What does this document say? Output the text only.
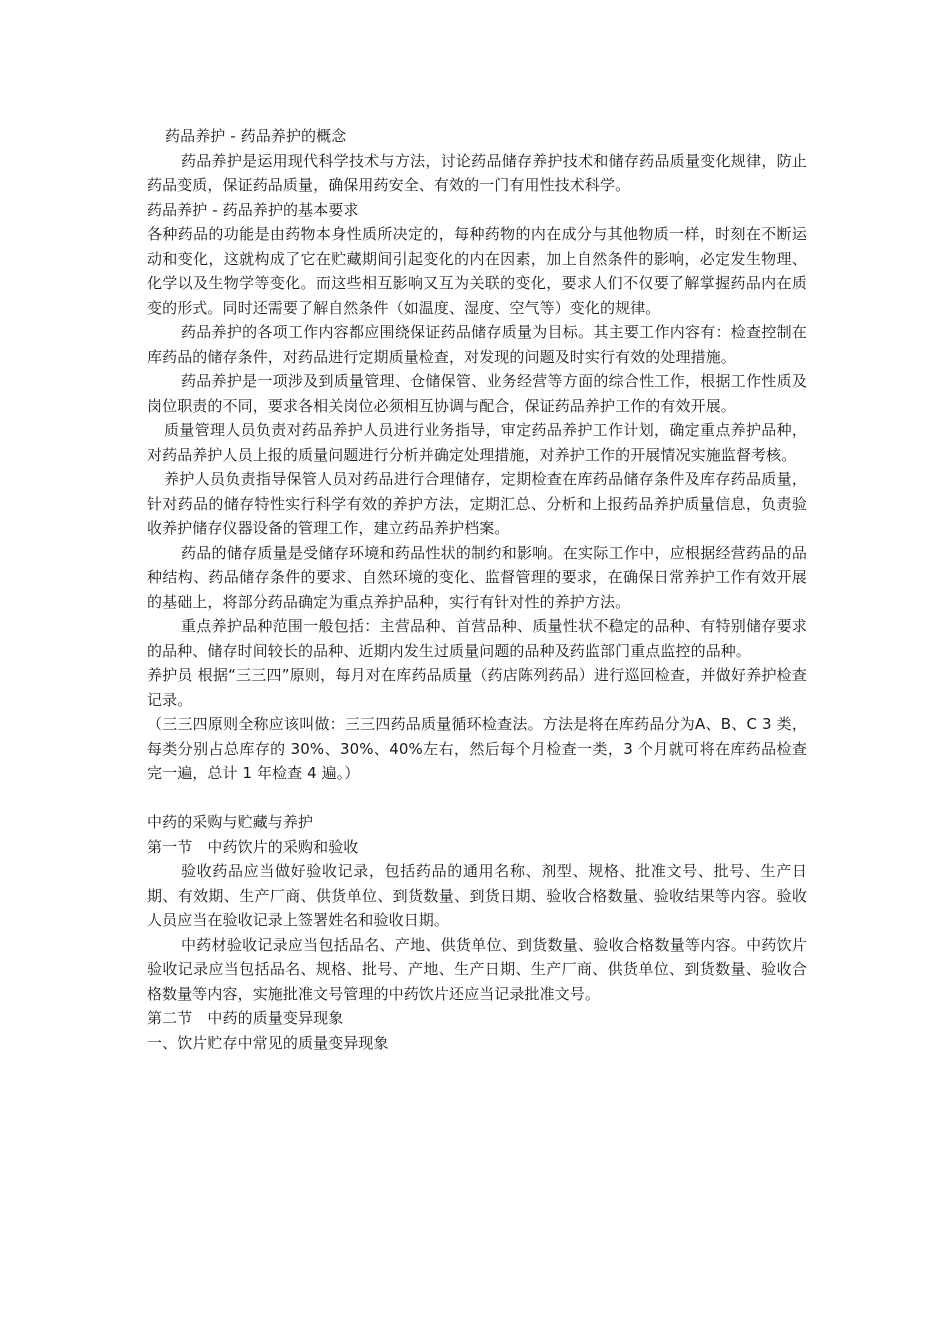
药品养护 - 药品养护的概念

药品养护是运用现代科学技术与方法，讨论药品储存养护技术和储存药品质量变化规律，防止药品变质，保证药品质量，确保用药安全、有效的一门有用性技术科学。

药品养护 - 药品养护的基本要求

各种药品的功能是由药物本身性质所决定的，每种药物的内在成分与其他物质一样，时刻在不断运动和变化，这就构成了它在贮藏期间引起变化的内在因素，加上自然条件的影响，必定发生物理、化学以及生物学等变化。而这些相互影响又互为关联的变化，要求人们不仅要了解掌握药品内在质变的形式。同时还需要了解自然条件（如温度、湿度、空气等）变化的规律。

药品养护的各项工作内容都应围绕保证药品储存质量为目标。其主要工作内容有：检查控制在库药品的储存条件，对药品进行定期质量检查，对发现的问题及时实行有效的处理措施。

药品养护是一项涉及到质量管理、仓储保管、业务经营等方面的综合性工作，根据工作性质及岗位职责的不同，要求各相关岗位必须相互协调与配合，保证药品养护工作的有效开展。

质量管理人员负责对药品养护人员进行业务指导，审定药品养护工作计划，确定重点养护品种，对药品养护人员上报的质量问题进行分析并确定处理措施，对养护工作的开展情况实施监督考核。

养护人员负责指导保管人员对药品进行合理储存，定期检查在库药品储存条件及库存药品质量，针对药品的储存特性实行科学有效的养护方法，定期汇总、分析和上报药品养护质量信息，负责验收养护储存仪器设备的管理工作，建立药品养护档案。

药品的储存质量是受储存环境和药品性状的制约和影响。在实际工作中，应根据经营药品的品种结构、药品储存条件的要求、自然环境的变化、监督管理的要求，在确保日常养护工作有效开展的基础上，将部分药品确定为重点养护品种，实行有针对性的养护方法。

重点养护品种范围一般包括：主营品种、首营品种、质量性状不稳定的品种、有特别储存要求的品种、储存时间较长的品种、近期内发生过质量问题的品种及药监部门重点监控的品种。

养护员 根据“三三四”原则，每月对在库药品质量（药店陈列药品）进行巡回检查，并做好养护检查记录。

（三三四原则全称应该叫做：三三四药品质量循环检查法。方法是将在库药品分为A、B、C 3 类，每类分别占总库存的 30%、30%、40%左右，然后每个月检查一类，3 个月就可将在库药品检查完一遍，总计 1 年检查 4 遍。）

中药的采购与贮藏与养护

第一节　中药饮片的采购和验收

验收药品应当做好验收记录，包括药品的通用名称、剂型、规格、批准文号、批号、生产日期、有效期、生产厂商、供货单位、到货数量、到货日期、验收合格数量、验收结果等内容。验收人员应当在验收记录上签署姓名和验收日期。

中药材验收记录应当包括品名、产地、供货单位、到货数量、验收合格数量等内容。中药饮片验收记录应当包括品名、规格、批号、产地、生产日期、生产厂商、供货单位、到货数量、验收合格数量等内容，实施批准文号管理的中药饮片还应当记录批准文号。

第二节　中药的质量变异现象

一、饮片贮存中常见的质量变异现象
